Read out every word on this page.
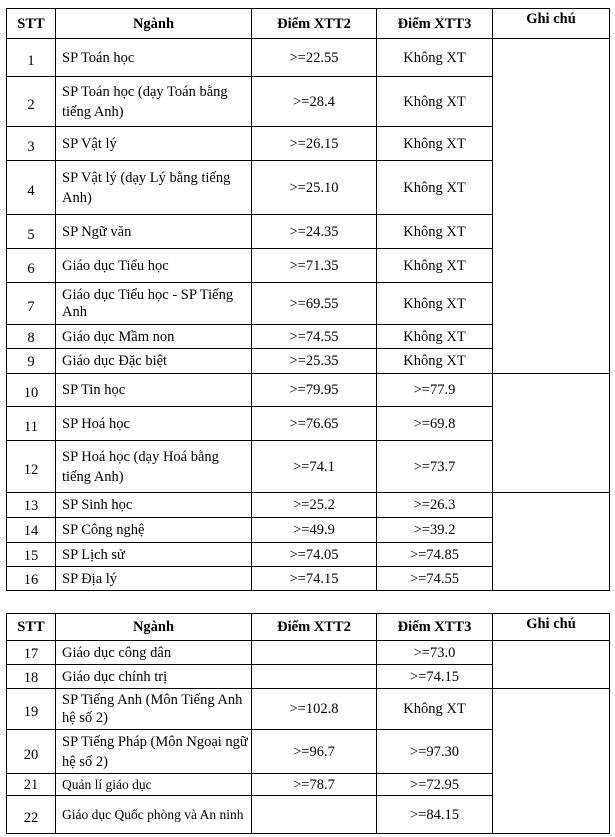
STT	Ngành	Điểm XTT2	Điểm XTT3	Ghi chú
1	SP Toán học	>=22.55	Không XT	
2	SP Toán học (dạy Toán bằng tiếng Anh)	>=28.4	Không XT	
3	SP Vật lý	>=26.15	Không XT	
4	SP Vật lý (dạy Lý bằng tiếng Anh)	>=25.10	Không XT	
5	SP Ngữ văn	>=24.35	Không XT	
6	Giáo dục Tiểu học	>=71.35	Không XT	
7	Giáo dục Tiểu học - SP Tiếng Anh	>=69.55	Không XT	
8	Giáo dục Mầm non	>=74.55	Không XT	
9	Giáo dục Đặc biệt	>=25.35	Không XT	
10	SP Tin học	>=79.95	>=77.9	
11	SP Hoá học	>=76.65	>=69.8	
12	SP Hoá học (dạy Hoá bằng tiếng Anh)	>=74.1	>=73.7	
13	SP Sinh học	>=25.2	>=26.3	
14	SP Công nghệ	>=49.9	>=39.2	
15	SP Lịch sử	>=74.05	>=74.85	
16	SP Địa lý	>=74.15	>=74.55	
STT	Ngành	Điểm XTT2	Điểm XTT3	Ghi chú
17	Giáo dục công dân		>=73.0	
18	Giáo dục chính trị		>=74.15	
19	SP Tiếng Anh (Môn Tiếng Anh hệ số 2)	>=102.8	Không XT	
20	SP Tiếng Pháp (Môn Ngoại ngữ hệ số 2)	>=96.7	>=97.30	
21	Quản lí giáo dục	>=78.7	>=72.95	
22	Giáo dục Quốc phòng và An ninh		>=84.15	
